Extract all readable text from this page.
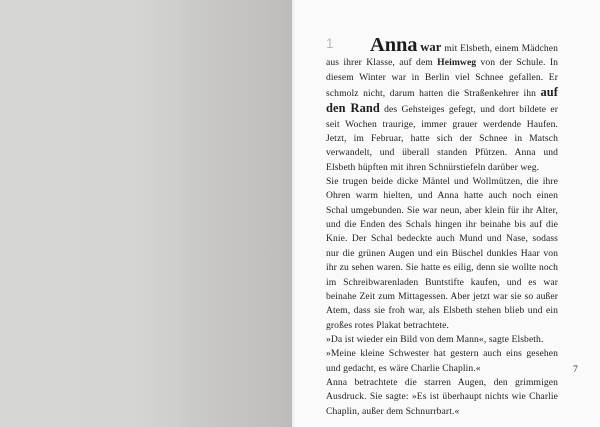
1	Anna war mit Elsbeth, einem Mädchen aus ihrer Klasse, auf dem Heimweg von der Schule. In diesem Winter war in Berlin viel Schnee gefallen. Er schmolz nicht, darum hatten die Straßenkehrer ihn auf den Rand des Gehsteiges gefegt, und dort bildete er seit Wochen traurige, immer grauer werdende Haufen. Jetzt, im Februar, hatte sich der Schnee in Matsch verwandelt, und überall standen Pfützen. Anna und Elsbeth hüpften mit ihren Schnürstiefeln darüber weg.

Sie trugen beide dicke Mäntel und Wollmützen, die ihre Ohren warm hielten, und Anna hatte auch noch einen Schal umgebunden. Sie war neun, aber klein für ihr Alter, und die Enden des Schals hingen ihr beinahe bis auf die Knie. Der Schal bedeckte auch Mund und Nase, sodass nur die grünen Augen und ein Büschel dunkles Haar von ihr zu sehen waren. Sie hatte es eilig, denn sie wollte noch im Schreibwarenladen Buntstifte kaufen, und es war beinahe Zeit zum Mittagessen. Aber jetzt war sie so außer Atem, dass sie froh war, als Elsbeth stehen blieb und ein großes rotes Plakat betrachtete.

»Da ist wieder ein Bild von dem Mann«, sagte Elsbeth.

»Meine kleine Schwester hat gestern auch eins gesehen und gedacht, es wäre Charlie Chaplin.«

Anna betrachtete die starren Augen, den grimmigen Ausdruck. Sie sagte: »Es ist überhaupt nichts wie Charlie Chaplin, außer dem Schnurrbart.«

7
